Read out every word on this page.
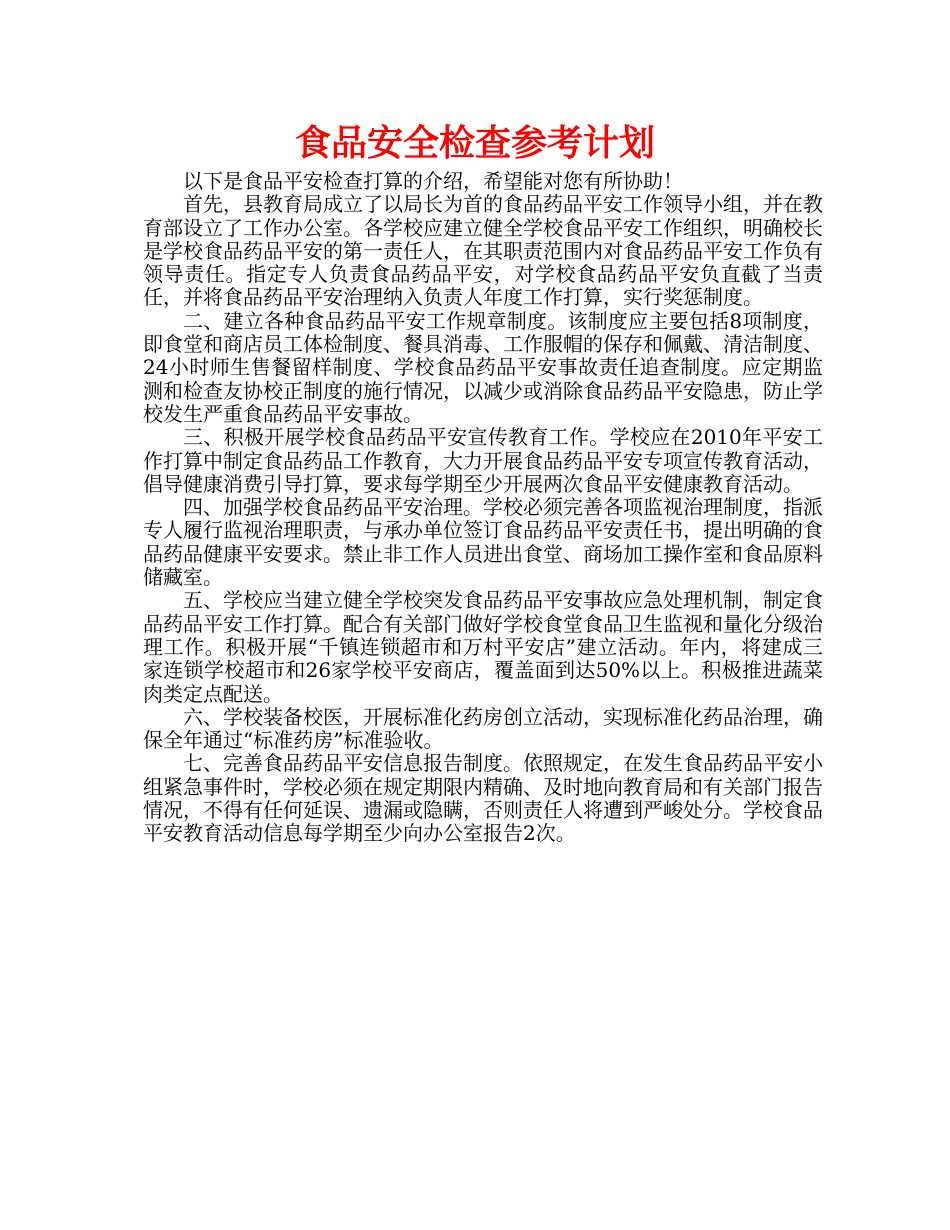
食品安全检查参考计划

以下是食品平安检查打算的介绍，希望能对您有所协助！

首先，县教育局成立了以局长为首的食品药品平安工作领导小组，并在教育部设立了工作办公室。各学校应建立健全学校食品平安工作组织，明确校长是学校食品药品平安的第一责任人，在其职责范围内对食品药品平安工作负有领导责任。指定专人负责食品药品平安，对学校食品药品平安负直截了当责任，并将食品药品平安治理纳入负责人年度工作打算，实行奖惩制度。

二、建立各种食品药品平安工作规章制度。该制度应主要包括8项制度，即食堂和商店员工体检制度、餐具消毒、工作服帽的保存和佩戴、清洁制度、24小时师生售餐留样制度、学校食品药品平安事故责任追查制度。应定期监测和检查友协校正制度的施行情况，以减少或消除食品药品平安隐患，防止学校发生严重食品药品平安事故。

三、积极开展学校食品药品平安宣传教育工作。学校应在2010年平安工作打算中制定食品药品工作教育，大力开展食品药品平安专项宣传教育活动，倡导健康消费引导打算，要求每学期至少开展两次食品平安健康教育活动。

四、加强学校食品药品平安治理。学校必须完善各项监视治理制度，指派专人履行监视治理职责，与承办单位签订食品药品平安责任书，提出明确的食品药品健康平安要求。禁止非工作人员进出食堂、商场加工操作室和食品原料储藏室。

五、学校应当建立健全学校突发食品药品平安事故应急处理机制，制定食品药品平安工作打算。配合有关部门做好学校食堂食品卫生监视和量化分级治理工作。积极开展“千镇连锁超市和万村平安店”建立活动。年内，将建成三家连锁学校超市和26家学校平安商店，覆盖面到达50%以上。积极推进蔬菜肉类定点配送。

六、学校装备校医，开展标准化药房创立活动，实现标准化药品治理，确保全年通过“标准药房”标准验收。

七、完善食品药品平安信息报告制度。依照规定，在发生食品药品平安小组紧急事件时，学校必须在规定期限内精确、及时地向教育局和有关部门报告情况，不得有任何延误、遗漏或隐瞒，否则责任人将遭到严峻处分。学校食品平安教育活动信息每学期至少向办公室报告2次。
